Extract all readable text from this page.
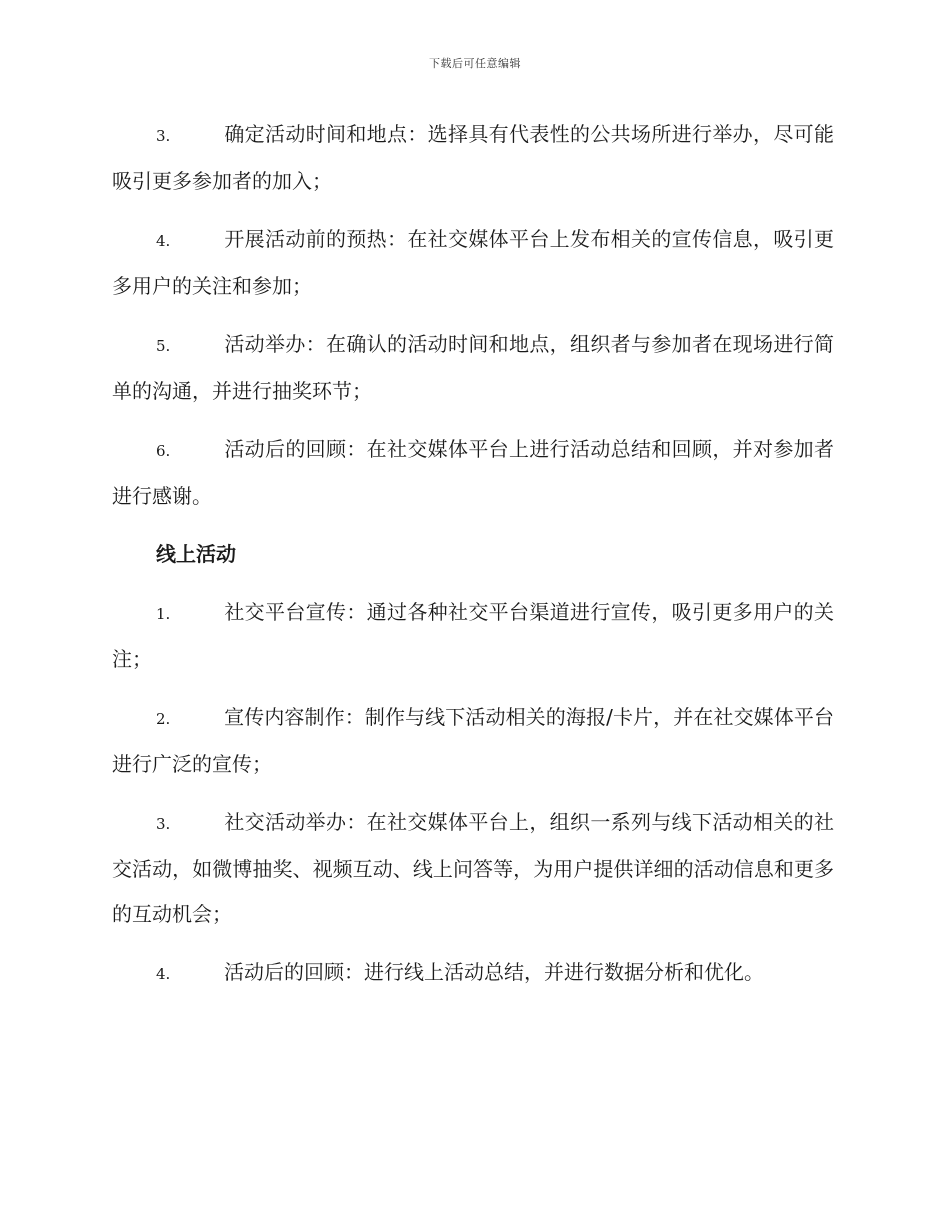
下载后可任意编辑

3.	确定活动时间和地点：选择具有代表性的公共场所进行举办，尽可能吸引更多参加者的加入；

4.	开展活动前的预热：在社交媒体平台上发布相关的宣传信息，吸引更多用户的关注和参加；

5.	活动举办：在确认的活动时间和地点，组织者与参加者在现场进行简单的沟通，并进行抽奖环节；

6.	活动后的回顾：在社交媒体平台上进行活动总结和回顾，并对参加者进行感谢。

线上活动

1.	社交平台宣传：通过各种社交平台渠道进行宣传，吸引更多用户的关注；

2.	宣传内容制作：制作与线下活动相关的海报/卡片，并在社交媒体平台进行广泛的宣传；

3.	社交活动举办：在社交媒体平台上，组织一系列与线下活动相关的社交活动，如微博抽奖、视频互动、线上问答等，为用户提供详细的活动信息和更多的互动机会；

4.	活动后的回顾：进行线上活动总结，并进行数据分析和优化。
